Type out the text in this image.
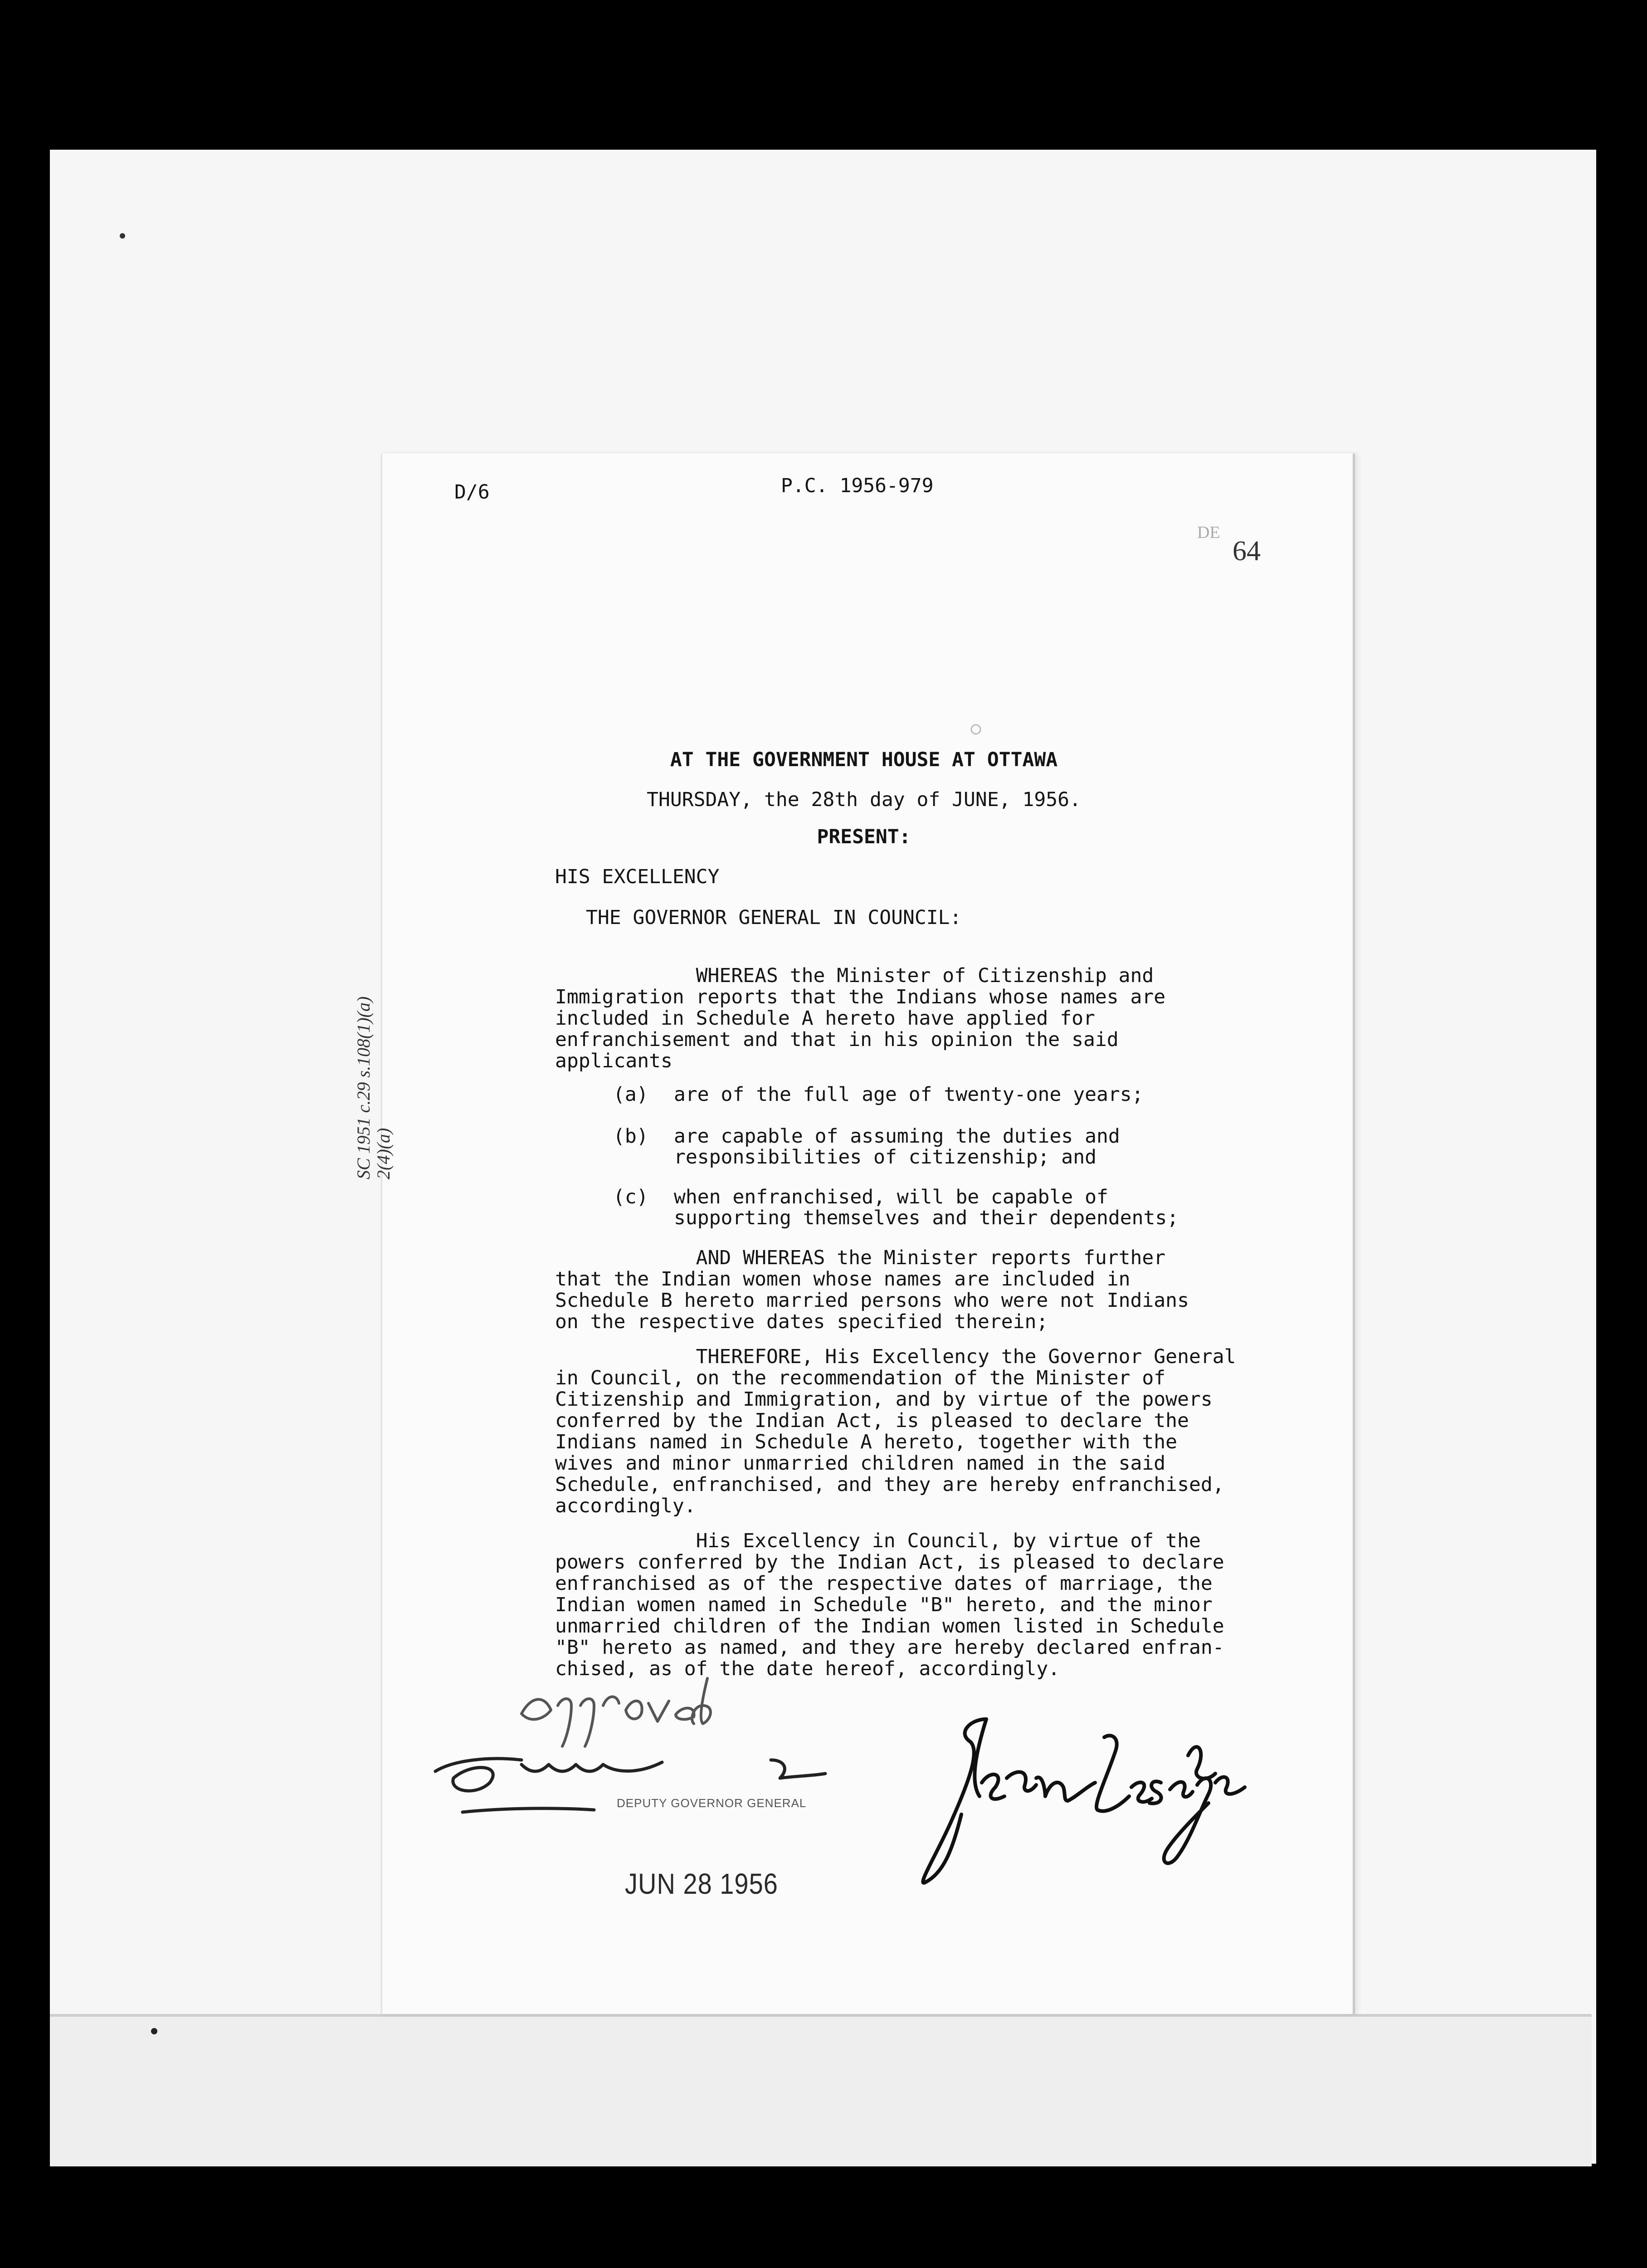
D/6	P.C. 1956-979

DE
64

AT THE GOVERNMENT HOUSE AT OTTAWA

THURSDAY, the 28th day of JUNE, 1956.

PRESENT:

HIS EXCELLENCY

THE GOVERNOR GENERAL IN COUNCIL:

WHEREAS the Minister of Citizenship and

Immigration reports that the Indians whose names are

included in Schedule A hereto have applied for

enfranchisement and that in his opinion the said

applicants

(a) are of the full age of twenty-one years;

(b) are capable of assuming the duties and

responsibilities of citizenship; and

(c) when enfranchised, will be capable of

supporting themselves and their dependents;

AND WHEREAS the Minister reports further

that the Indian women whose names are included in

Schedule B hereto married persons who were not Indians

on the respective dates specified therein;

THEREFORE, His Excellency the Governor General

in Council, on the recommendation of the Minister of

Citizenship and Immigration, and by virtue of the powers

conferred by the Indian Act, is pleased to declare the

Indians named in Schedule A hereto, together with the

wives and minor unmarried children named in the said

Schedule, enfranchised, and they are hereby enfranchised,

accordingly.

His Excellency in Council, by virtue of the

powers conferred by the Indian Act, is pleased to declare

enfranchised as of the respective dates of marriage, the

Indian women named in Schedule "B" hereto, and the minor

unmarried children of the Indian women listed in Schedule

"B" hereto as named, and they are hereby declared enfran-

chised, as of the date hereof, accordingly.

SC 1951 c.29 s.108(1)(a)
2(4)(a)
DEPUTY GOVERNOR GENERAL
JUN 28 1956
